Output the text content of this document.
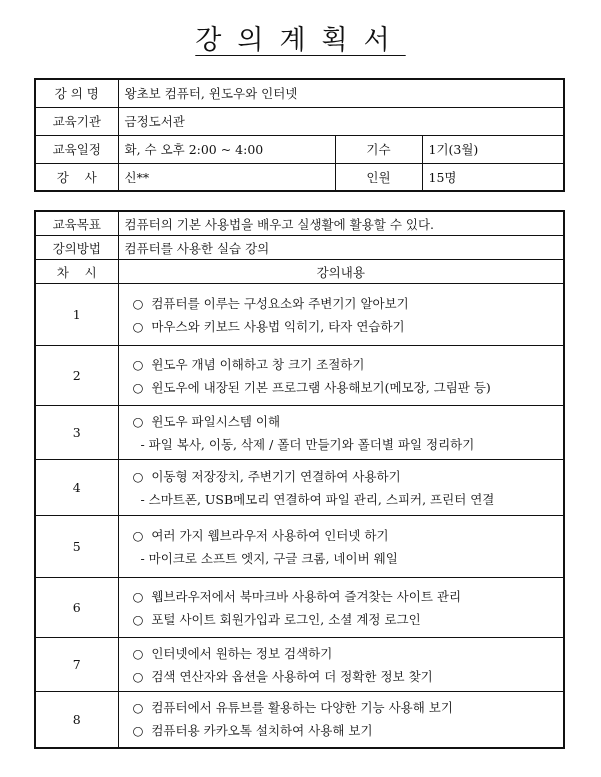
강의계획서
강 의 명	왕초보 컴퓨터, 윈도우와 인터넷		
교육기관	금정도서관		
교육일정	화, 수 오후 2:00 ~ 4:00	기수	1기(3월)
강    사	신**	인원	15명
교육목표	컴퓨터의 기본 사용법을 배우고 실생활에 활용할 수 있다.
강의방법	컴퓨터를 사용한 실습 강의
차    시	강의내용
1	○  컴퓨터를 이루는 구성요소와 주변기기 알아보기
○  마우스와 키보드 사용법 익히기, 타자 연습하기

2	○  윈도우 개념 이해하고 창 크기 조절하기
○  윈도우에 내장된 기본 프로그램 사용해보기(메모장, 그림판 등)

3	○  윈도우 파일시스템 이해
- 파일 복사, 이동, 삭제 / 폴더 만들기와 폴더별 파일 정리하기

4	○  이동형 저장장치, 주변기기 연결하여 사용하기
- 스마트폰, USB메모리 연결하여 파일 관리, 스피커, 프린터 연결

5	○  여러 가지 웹브라우저 사용하여 인터넷 하기
- 마이크로 소프트 엣지, 구글 크롬, 네이버 웨일

6	○  웹브라우저에서 북마크바 사용하여 즐겨찾는 사이트 관리
○  포털 사이트 회원가입과 로그인, 소셜 계정 로그인

7	○  인터넷에서 원하는 정보 검색하기
○  검색 연산자와 옵션을 사용하여 더 정확한 정보 찾기

8	○  컴퓨터에서 유튜브를 활용하는 다양한 기능 사용해 보기
○  컴퓨터용 카카오톡 설치하여 사용해 보기
